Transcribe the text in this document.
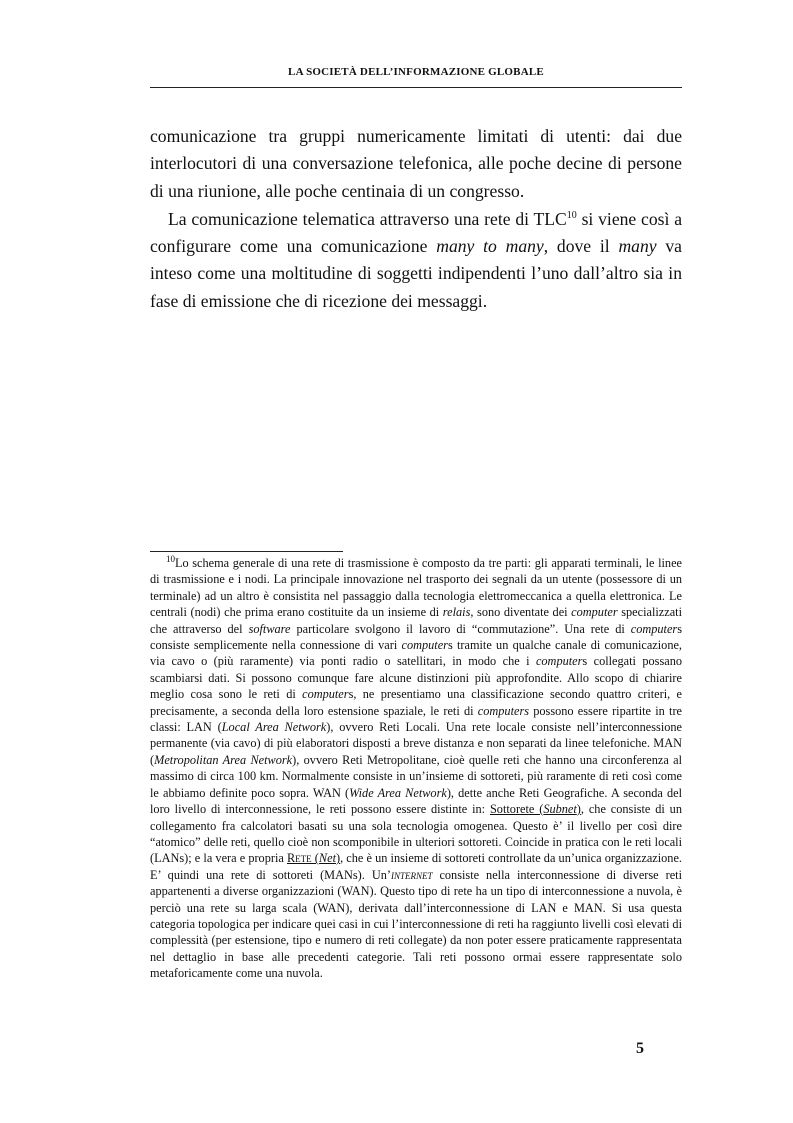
LA SOCIETÀ DELL’INFORMAZIONE GLOBALE

comunicazione tra gruppi numericamente limitati di utenti: dai due interlocutori di una conversazione telefonica, alle poche decine di persone di una riunione, alle poche centinaia di un congresso.

La comunicazione telematica attraverso una rete di TLC$^{10}$ si viene così a configurare come una comunicazione many to many, dove il many va inteso come una moltitudine di soggetti indipendenti l’uno dall’altro sia in fase di emissione che di ricezione dei messaggi.

$^{10}$Lo schema generale di una rete di trasmissione è composto da tre parti: gli apparati terminali, le linee di trasmissione e i nodi. La principale innovazione nel trasporto dei segnali da un utente (possessore di un terminale) ad un altro è consistita nel passaggio dalla tecnologia elettromeccanica a quella elettronica. Le centrali (nodi) che prima erano costituite da un insieme di relais, sono diventate dei computer specializzati che attraverso del software particolare svolgono il lavoro di “commutazione”. Una rete di computers consiste semplicemente nella connessione di vari computers tramite un qualche canale di comunicazione, via cavo o (più raramente) via ponti radio o satellitari, in modo che i computers collegati possano scambiarsi dati. Si possono comunque fare alcune distinzioni più approfondite. Allo scopo di chiarire meglio cosa sono le reti di computers, ne presentiamo una classificazione secondo quattro criteri, e precisamente, a seconda della loro estensione spaziale, le reti di computers possono essere ripartite in tre classi: LAN (Local Area Network), ovvero Reti Locali. Una rete locale consiste nell’interconnessione permanente (via cavo) di più elaboratori disposti a breve distanza e non separati da linee telefoniche. MAN (Metropolitan Area Network), ovvero Reti Metropolitane, cioè quelle reti che hanno una circonferenza al massimo di circa 100 km. Normalmente consiste in un’insieme di sottoreti, più raramente di reti così come le abbiamo definite poco sopra. WAN (Wide Area Network), dette anche Reti Geografiche. A seconda del loro livello di interconnessione, le reti possono essere distinte in: Sottorete (Subnet), che consiste di un collegamento fra calcolatori basati su una sola tecnologia omogenea. Questo è’ il livello per così dire “atomico” delle reti, quello cioè non scomponibile in ulteriori sottoreti. Coincide in pratica con le reti locali (LANs); e la vera e propria Rete (Net), che è un insieme di sottoreti controllate da un’unica organizzazione. E’ quindi una rete di sottoreti (MANs). Un’internet consiste nella interconnessione di diverse reti appartenenti a diverse organizzazioni (WAN). Questo tipo di rete ha un tipo di interconnessione a nuvola, è perciò una rete su larga scala (WAN), derivata dall’interconnessione di LAN e MAN. Si usa questa categoria topologica per indicare quei casi in cui l’interconnessione di reti ha raggiunto livelli così elevati di complessità (per estensione, tipo e numero di reti collegate) da non poter essere praticamente rappresentata nel dettaglio in base alle precedenti categorie. Tali reti possono ormai essere rappresentate solo metaforicamente come una nuvola.

5
